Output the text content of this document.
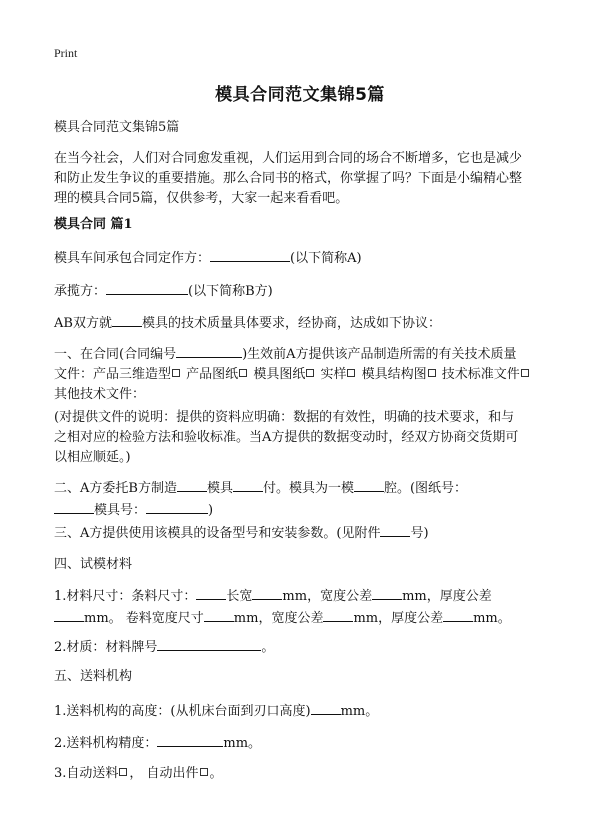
Print
模具合同范文集锦5篇
模具合同范文集锦5篇

在当今社会，人们对合同愈发重视，人们运用到合同的场合不断增多，它也是减少

和防止发生争议的重要措施。那么合同书的格式，你掌握了吗？下面是小编精心整

理的模具合同5篇，仅供参考，大家一起来看看吧。

模具合同 篇1
模具车间承包合同定作方：	(以下简称A)
承揽方：	(以下简称B方)
AB双方就 模具的技术质量具体要求，经协商，达成如下协议：

一、在合同(合同编号	)生效前A方提供该产品制造所需的有关技术质量

文件：产品三维造型 产品图纸 模具图纸 实样 模具结构图 技术标准文件

其他技术文件：

(对提供文件的说明：提供的资料应明确：数据的有效性，明确的技术要求，和与

之相对应的检验方法和验收标准。当A方提供的数据变动时，经双方协商交货期可

以相应顺延。)

二、A方委托B方制造 模具 付。模具为一模 腔。(图纸号：

模具号：	)

三、A方提供使用该模具的设备型号和安装参数。(见附件 号)
四、试模材料

1.材料尺寸：条料尺寸： 长宽 mm，宽度公差 mm，厚度公差

mm。 卷料宽度尺寸 mm，宽度公差 mm，厚度公差 mm。

2.材质：材料牌号	。
五、送料机构
1.送料机构的高度：(从机床台面到刃口高度) mm。
2.送料机构精度：	mm。
3.自动送料 ， 自动出件 。
